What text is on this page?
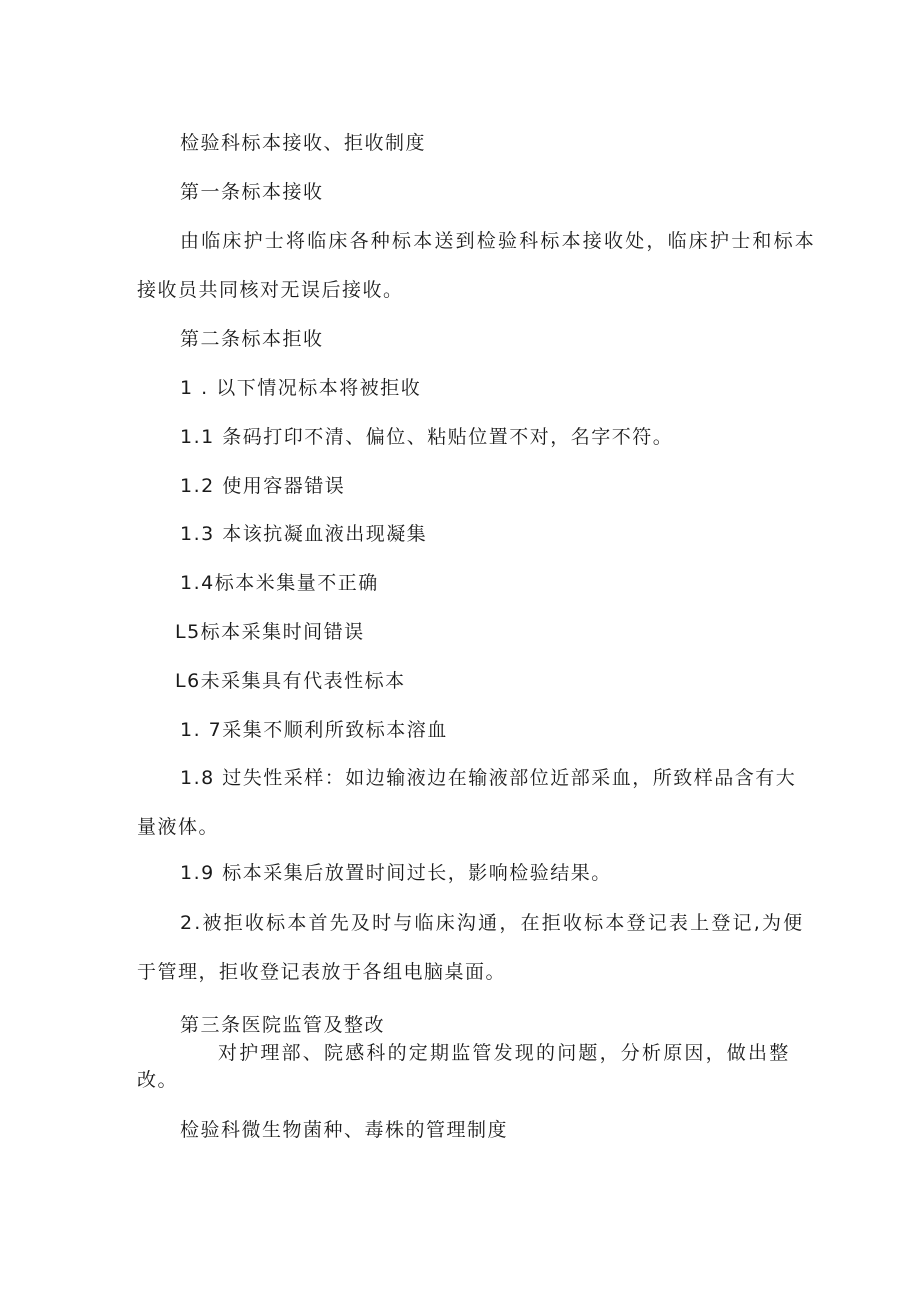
检验科标本接收、拒收制度

第一条标本接收

由临床护士将临床各种标本送到检验科标本接收处，临床护士和标本

接收员共同核对无误后接收。

第二条标本拒收

1 . 以下情况标本将被拒收

1.1 条码打印不清、偏位、粘贴位置不对，名字不符。

1.2 使用容器错误

1.3 本该抗凝血液出现凝集

1.4标本米集量不正确

L5标本采集时间错误

L6未采集具有代表性标本

1. 7采集不顺利所致标本溶血

1.8 过失性采样：如边输液边在输液部位近部采血，所致样品含有大

量液体。

1.9 标本采集后放置时间过长，影响检验结果。

2.被拒收标本首先及时与临床沟通，在拒收标本登记表上登记,为便

于管理，拒收登记表放于各组电脑桌面。

第三条医院监管及整改

对护理部、院感科的定期监管发现的问题，分析原因，做出整

改。

检验科微生物菌种、毒株的管理制度
